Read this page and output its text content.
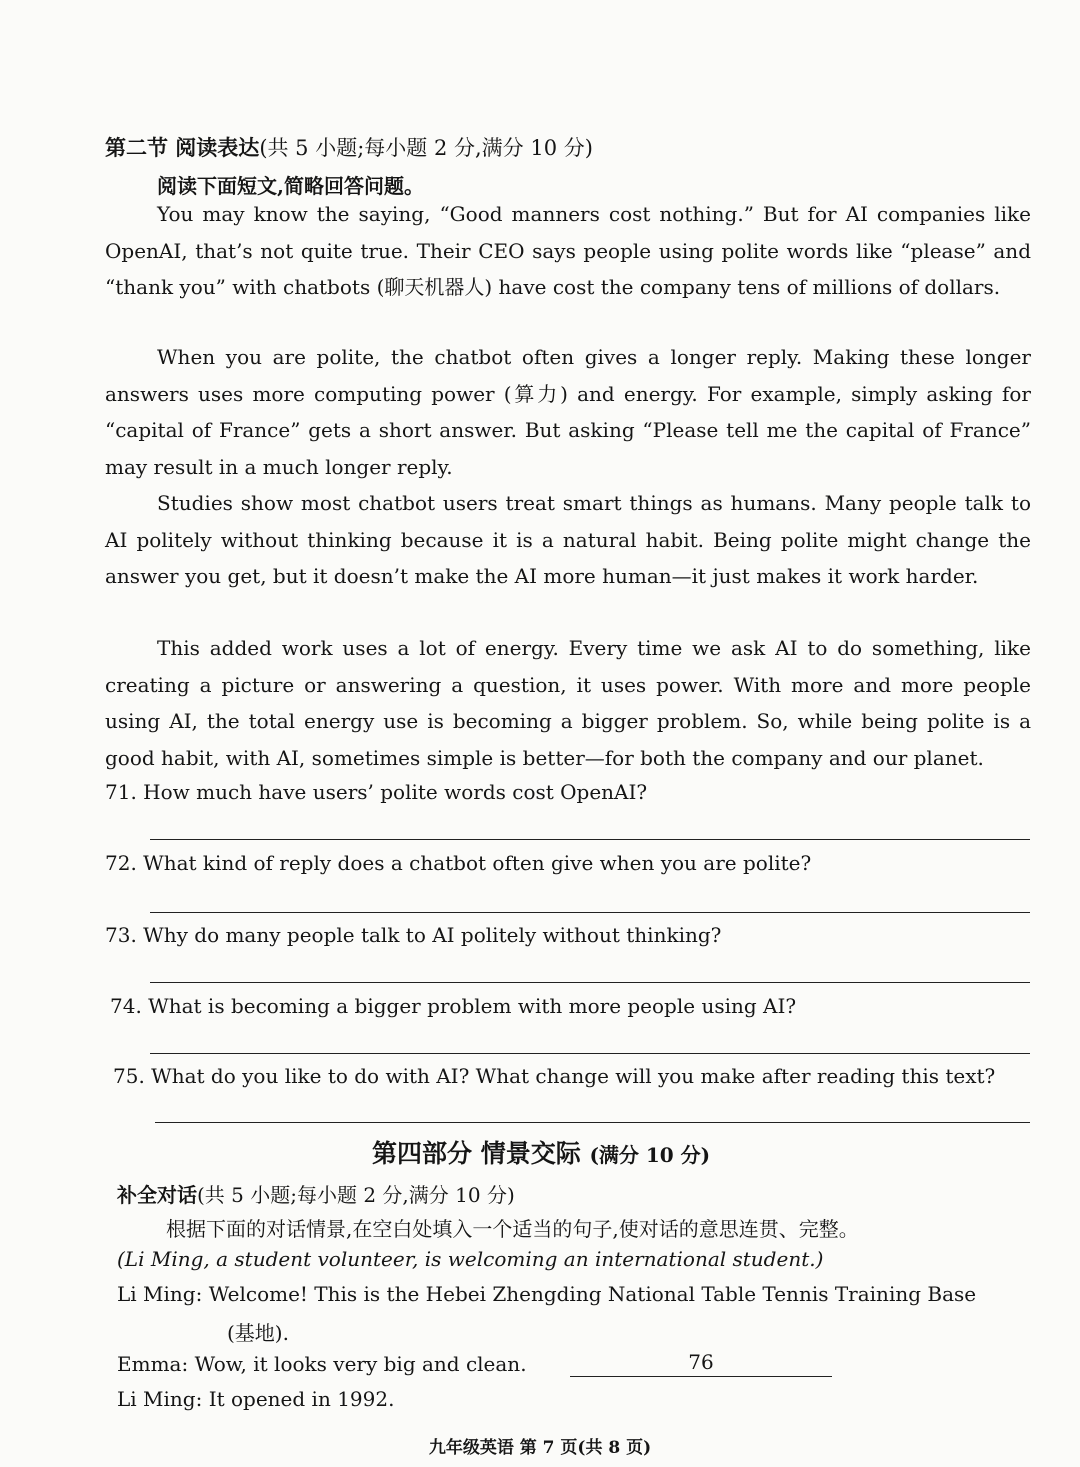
第二节 阅读表达(共 5 小题;每小题 2 分,满分 10 分)
阅读下面短文,简略回答问题。
You may know the saying, “Good manners cost nothing.” But for AI companies like OpenAI, that’s not quite true. Their CEO says people using polite words like “please” and “thank you” with chatbots (聊天机器人) have cost the company tens of millions of dollars.
When you are polite, the chatbot often gives a longer reply. Making these longer answers uses more computing power (算力) and energy. For example, simply asking for “capital of France” gets a short answer. But asking “Please tell me the capital of France” may result in a much longer reply.
Studies show most chatbot users treat smart things as humans. Many people talk to AI politely without thinking because it is a natural habit. Being polite might change the answer you get, but it doesn’t make the AI more human—it just makes it work harder.
This added work uses a lot of energy. Every time we ask AI to do something, like creating a picture or answering a question, it uses power. With more and more people using AI, the total energy use is becoming a bigger problem. So, while being polite is a good habit, with AI, sometimes simple is better—for both the company and our planet.
71. How much have users’ polite words cost OpenAI?
72. What kind of reply does a chatbot often give when you are polite?
73. Why do many people talk to AI politely without thinking?
74. What is becoming a bigger problem with more people using AI?
75. What do you like to do with AI? What change will you make after reading this text?
第四部分 情景交际 (满分 10 分)
补全对话(共 5 小题;每小题 2 分,满分 10 分)
根据下面的对话情景,在空白处填入一个适当的句子,使对话的意思连贯、完整。
(Li Ming, a student volunteer, is welcoming an international student.)
Li Ming: Welcome! This is the Hebei Zhengding National Table Tennis Training Base
(基地).
Emma: Wow, it looks very big and clean.	76
Li Ming: It opened in 1992.
九年级英语 第 7 页(共 8 页)
